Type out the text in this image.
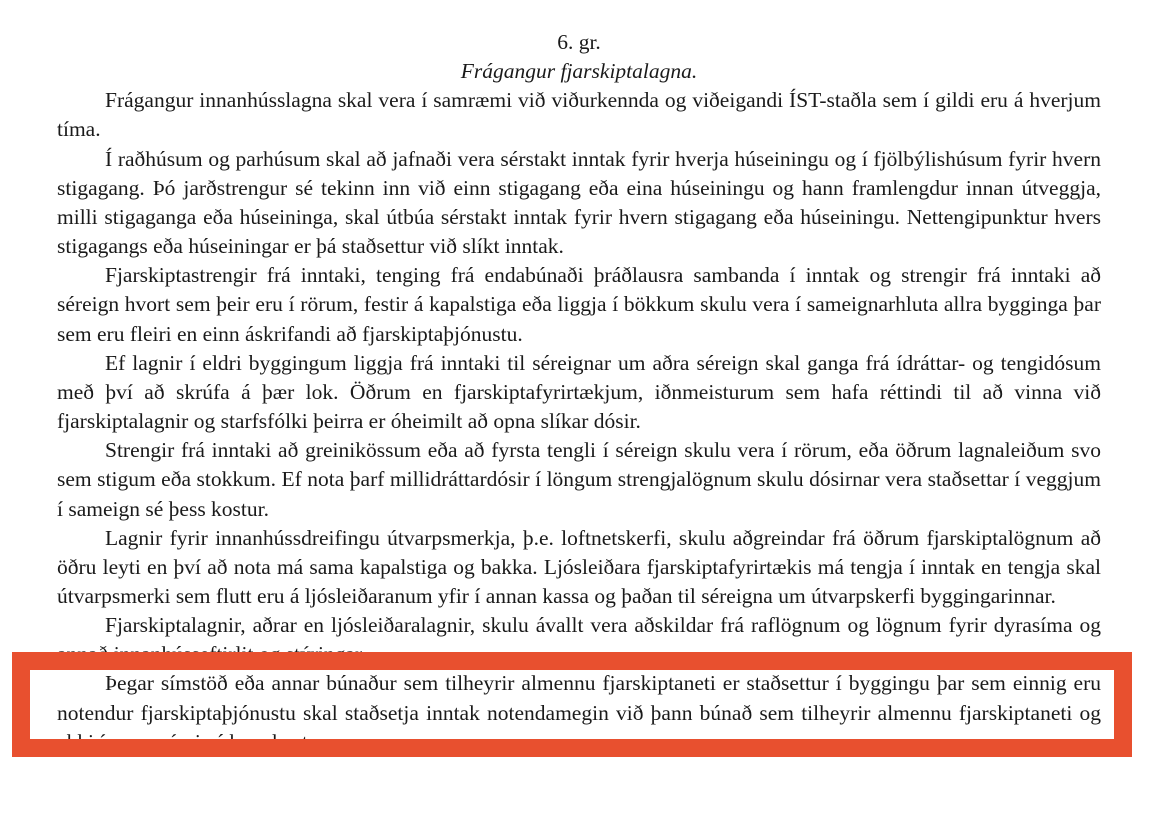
6. gr.

Frágangur fjarskiptalagna.

Frágangur innanhússlagna skal vera í samræmi við viðurkennda og viðeigandi ÍST-staðla sem í gildi eru á hverjum tíma.

Í raðhúsum og parhúsum skal að jafnaði vera sérstakt inntak fyrir hverja húseiningu og í fjölbýlishúsum fyrir hvern stigagang. Þó jarðstrengur sé tekinn inn við einn stigagang eða eina húseiningu og hann framlengdur innan útveggja, milli stigaganga eða húseininga, skal útbúa sérstakt inntak fyrir hvern stigagang eða húseiningu. Nettengipunktur hvers stigagangs eða húseiningar er þá staðsettur við slíkt inntak.

Fjarskiptastrengir frá inntaki, tenging frá endabúnaði þráðlausra sambanda í inntak og strengir frá inntaki að séreign hvort sem þeir eru í rörum, festir á kapalstiga eða liggja í bökkum skulu vera í sameignarhluta allra bygginga þar sem eru fleiri en einn áskrifandi að fjarskiptaþjónustu.

Ef lagnir í eldri byggingum liggja frá inntaki til séreignar um aðra séreign skal ganga frá ídráttar- og tengidósum með því að skrúfa á þær lok. Öðrum en fjarskiptafyrirtækjum, iðnmeisturum sem hafa réttindi til að vinna við fjarskiptalagnir og starfsfólki þeirra er óheimilt að opna slíkar dósir.

Strengir frá inntaki að greinikössum eða að fyrsta tengli í séreign skulu vera í rörum, eða öðrum lagnaleiðum svo sem stigum eða stokkum. Ef nota þarf millidráttardósir í löngum strengjalögnum skulu dósirnar vera staðsettar í veggjum í sameign sé þess kostur.

Lagnir fyrir innanhússdreifingu útvarpsmerkja, þ.e. loftnetskerfi, skulu aðgreindar frá öðrum fjarskiptalögnum að öðru leyti en því að nota má sama kapalstiga og bakka. Ljósleiðara fjarskiptafyrirtækis má tengja í inntak en tengja skal útvarpsmerki sem flutt eru á ljósleiðaranum yfir í annan kassa og þaðan til séreigna um útvarpskerfi byggingarinnar.

Fjarskiptalagnir, aðrar en ljósleiðaralagnir, skulu ávallt vera aðskildar frá raflögnum og lögnum fyrir dyrasíma og annað innanhússeftirlit og stýringar.

Þegar símstöð eða annar búnaður sem tilheyrir almennu fjarskiptaneti er staðsettur í byggingu þar sem einnig eru notendur fjarskiptaþjónustu skal staðsetja inntak notendamegin við þann búnað sem tilheyrir almennu fjarskiptaneti og ekki í sama rými sé þess kostur.
